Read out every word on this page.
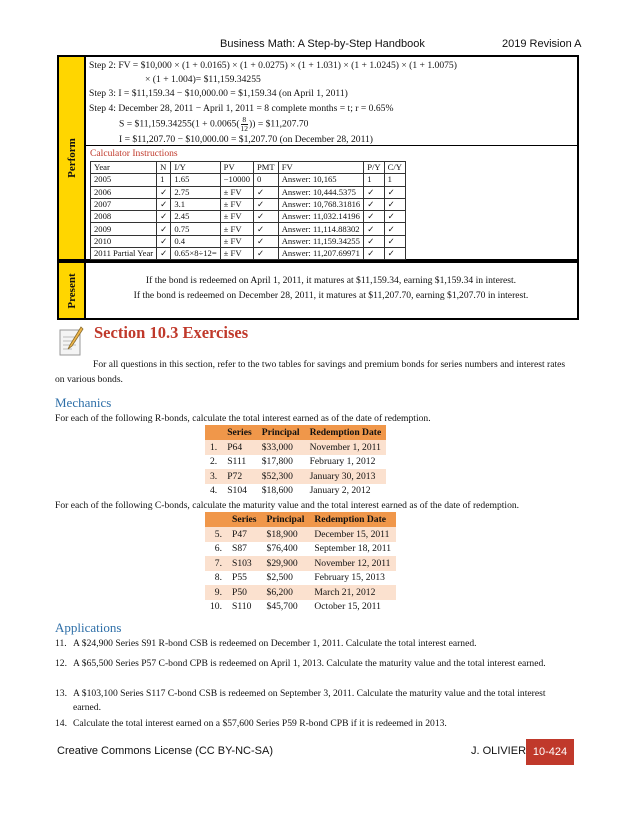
Business Math: A Step-by-Step Handbook	2019 Revision A
Perform
Step 2: FV = $10,000 × (1 + 0.0165) × (1 + 0.0275) × (1 + 1.031) × (1 + 1.0245) × (1 + 1.0075)
× (1 + 1.004)= $11,159.34255
Step 3: I = $11,159.34 − $10,000.00 = $1,159.34 (on April 1, 2011)
Step 4: December 28, 2011 − April 1, 2011 = 8 complete months = t; r = 0.65%
S = $11,159.34255(1 + $0.0065( \frac{8}{12}$ )) = $11,207.70
I = $11,207.70 − $10,000.00 = $1,207.70 (on December 28, 2011)
Calculator Instructions
Year	N	I/Y	PV	PMT	FV	P/Y	C/Y
2005	1	1.65	−10000	0	Answer: 10,165	1	1
2006	✓	2.75	± FV	✓	Answer: 10,444.5375	✓	✓
2007	✓	3.1	± FV	✓	Answer: 10,768.31816	✓	✓
2008	✓	2.45	± FV	✓	Answer: 11,032.14196	✓	✓
2009	✓	0.75	± FV	✓	Answer: 11,114.88302	✓	✓
2010	✓	0.4	± FV	✓	Answer: 11,159.34255	✓	✓
2011 Partial Year	✓	0.65×8÷12=	± FV	✓	Answer: 11,207.69971	✓	✓
Present	If the bond is redeemed on April 1, 2011, it matures at $11,159.34, earning $1,159.34 in interest.
If the bond is redeemed on December 28, 2011, it matures at $11,207.70, earning $1,207.70 in interest.
Section 10.3 Exercises
For all questions in this section, refer to the two tables for savings and premium bonds for series numbers and interest rates on various bonds.
Mechanics
For each of the following R-bonds, calculate the total interest earned as of the date of redemption.
	Series	Principal	Redemption Date
1.	P64	$33,000	November 1, 2011
2.	S111	$17,800	February 1, 2012
3.	P72	$52,300	January 30, 2013
4.	S104	$18,600	January 2, 2012
For each of the following C-bonds, calculate the maturity value and the total interest earned as of the date of redemption.
	Series	Principal	Redemption Date
5.	P47	$18,900	December 15, 2011
6.	S87	$76,400	September 18, 2011
7.	S103	$29,900	November 12, 2011
8.	P55	$2,500	February 15, 2013
9.	P50	$6,200	March 21, 2012
10.	S110	$45,700	October 15, 2011
Applications
11. A $24,900 Series S91 R-bond CSB is redeemed on December 1, 2011. Calculate the total interest earned.
12. A $65,500 Series P57 C-bond CPB is redeemed on April 1, 2013. Calculate the maturity value and the total interest earned.
13. A $103,100 Series S117 C-bond CSB is redeemed on September 3, 2011. Calculate the maturity value and the total interest earned.
14. Calculate the total interest earned on a $57,600 Series P59 R-bond CPB if it is redeemed in 2013.
Creative Commons License (CC BY-NC-SA)	J. OLIVIER 10-424
